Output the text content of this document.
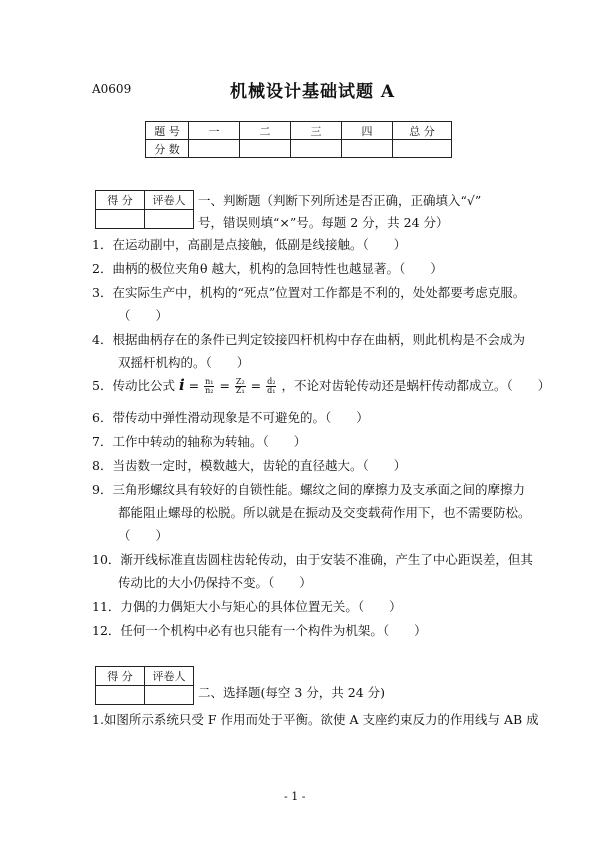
A0609	机械设计基础试题 A
题 号	一	二	三	四	总 分
分 数					
得 分	评卷人
	一、判断题（判断下列所述是否正确，正确填入“√”
号，错误则填“×”号。每题 2 分，共 24 分）
1．在运动副中，高副是点接触，低副是线接触。（　　）
2．曲柄的极位夹角θ 越大，机构的急回特性也越显著。（　　）
3．在实际生产中，机构的“死点”位置对工作都是不利的，处处都要考虑克服。
（　　）
4．根据曲柄存在的条件已判定铰接四杆机构中存在曲柄，则此机构是不会成为
双摇杆机构的。（　　）
5．传动比公式 $i = \frac{\text{n₁}}{\text{n₂}} = \frac{\text{Z₂}}{\text{Z₁}} = \frac{\text{d₂}}{\text{d₁}}$ ，不论对齿轮传动还是蜗杆传动都成立。（　　）
6．带传动中弹性滑动现象是不可避免的。（　　）
7．工作中转动的轴称为转轴。（　　）
8．当齿数一定时，模数越大，齿轮的直径越大。（　　）
9．三角形螺纹具有较好的自锁性能。螺纹之间的摩擦力及支承面之间的摩擦力
都能阻止螺母的松脱。所以就是在振动及交变载荷作用下，也不需要防松。
（　　）
10．渐开线标准直齿圆柱齿轮传动，由于安装不准确，产生了中心距误差，但其
传动比的大小仍保持不变。（　　）
11．力偶的力偶矩大小与矩心的具体位置无关。（　　）
12．任何一个机构中必有也只能有一个构件为机架。（　　）
得 分	评卷人

二、选择题(每空 3 分，共 24 分)
1.如图所示系统只受 F 作用而处于平衡。欲使 A 支座约束反力的作用线与 AB 成
- 1 -
